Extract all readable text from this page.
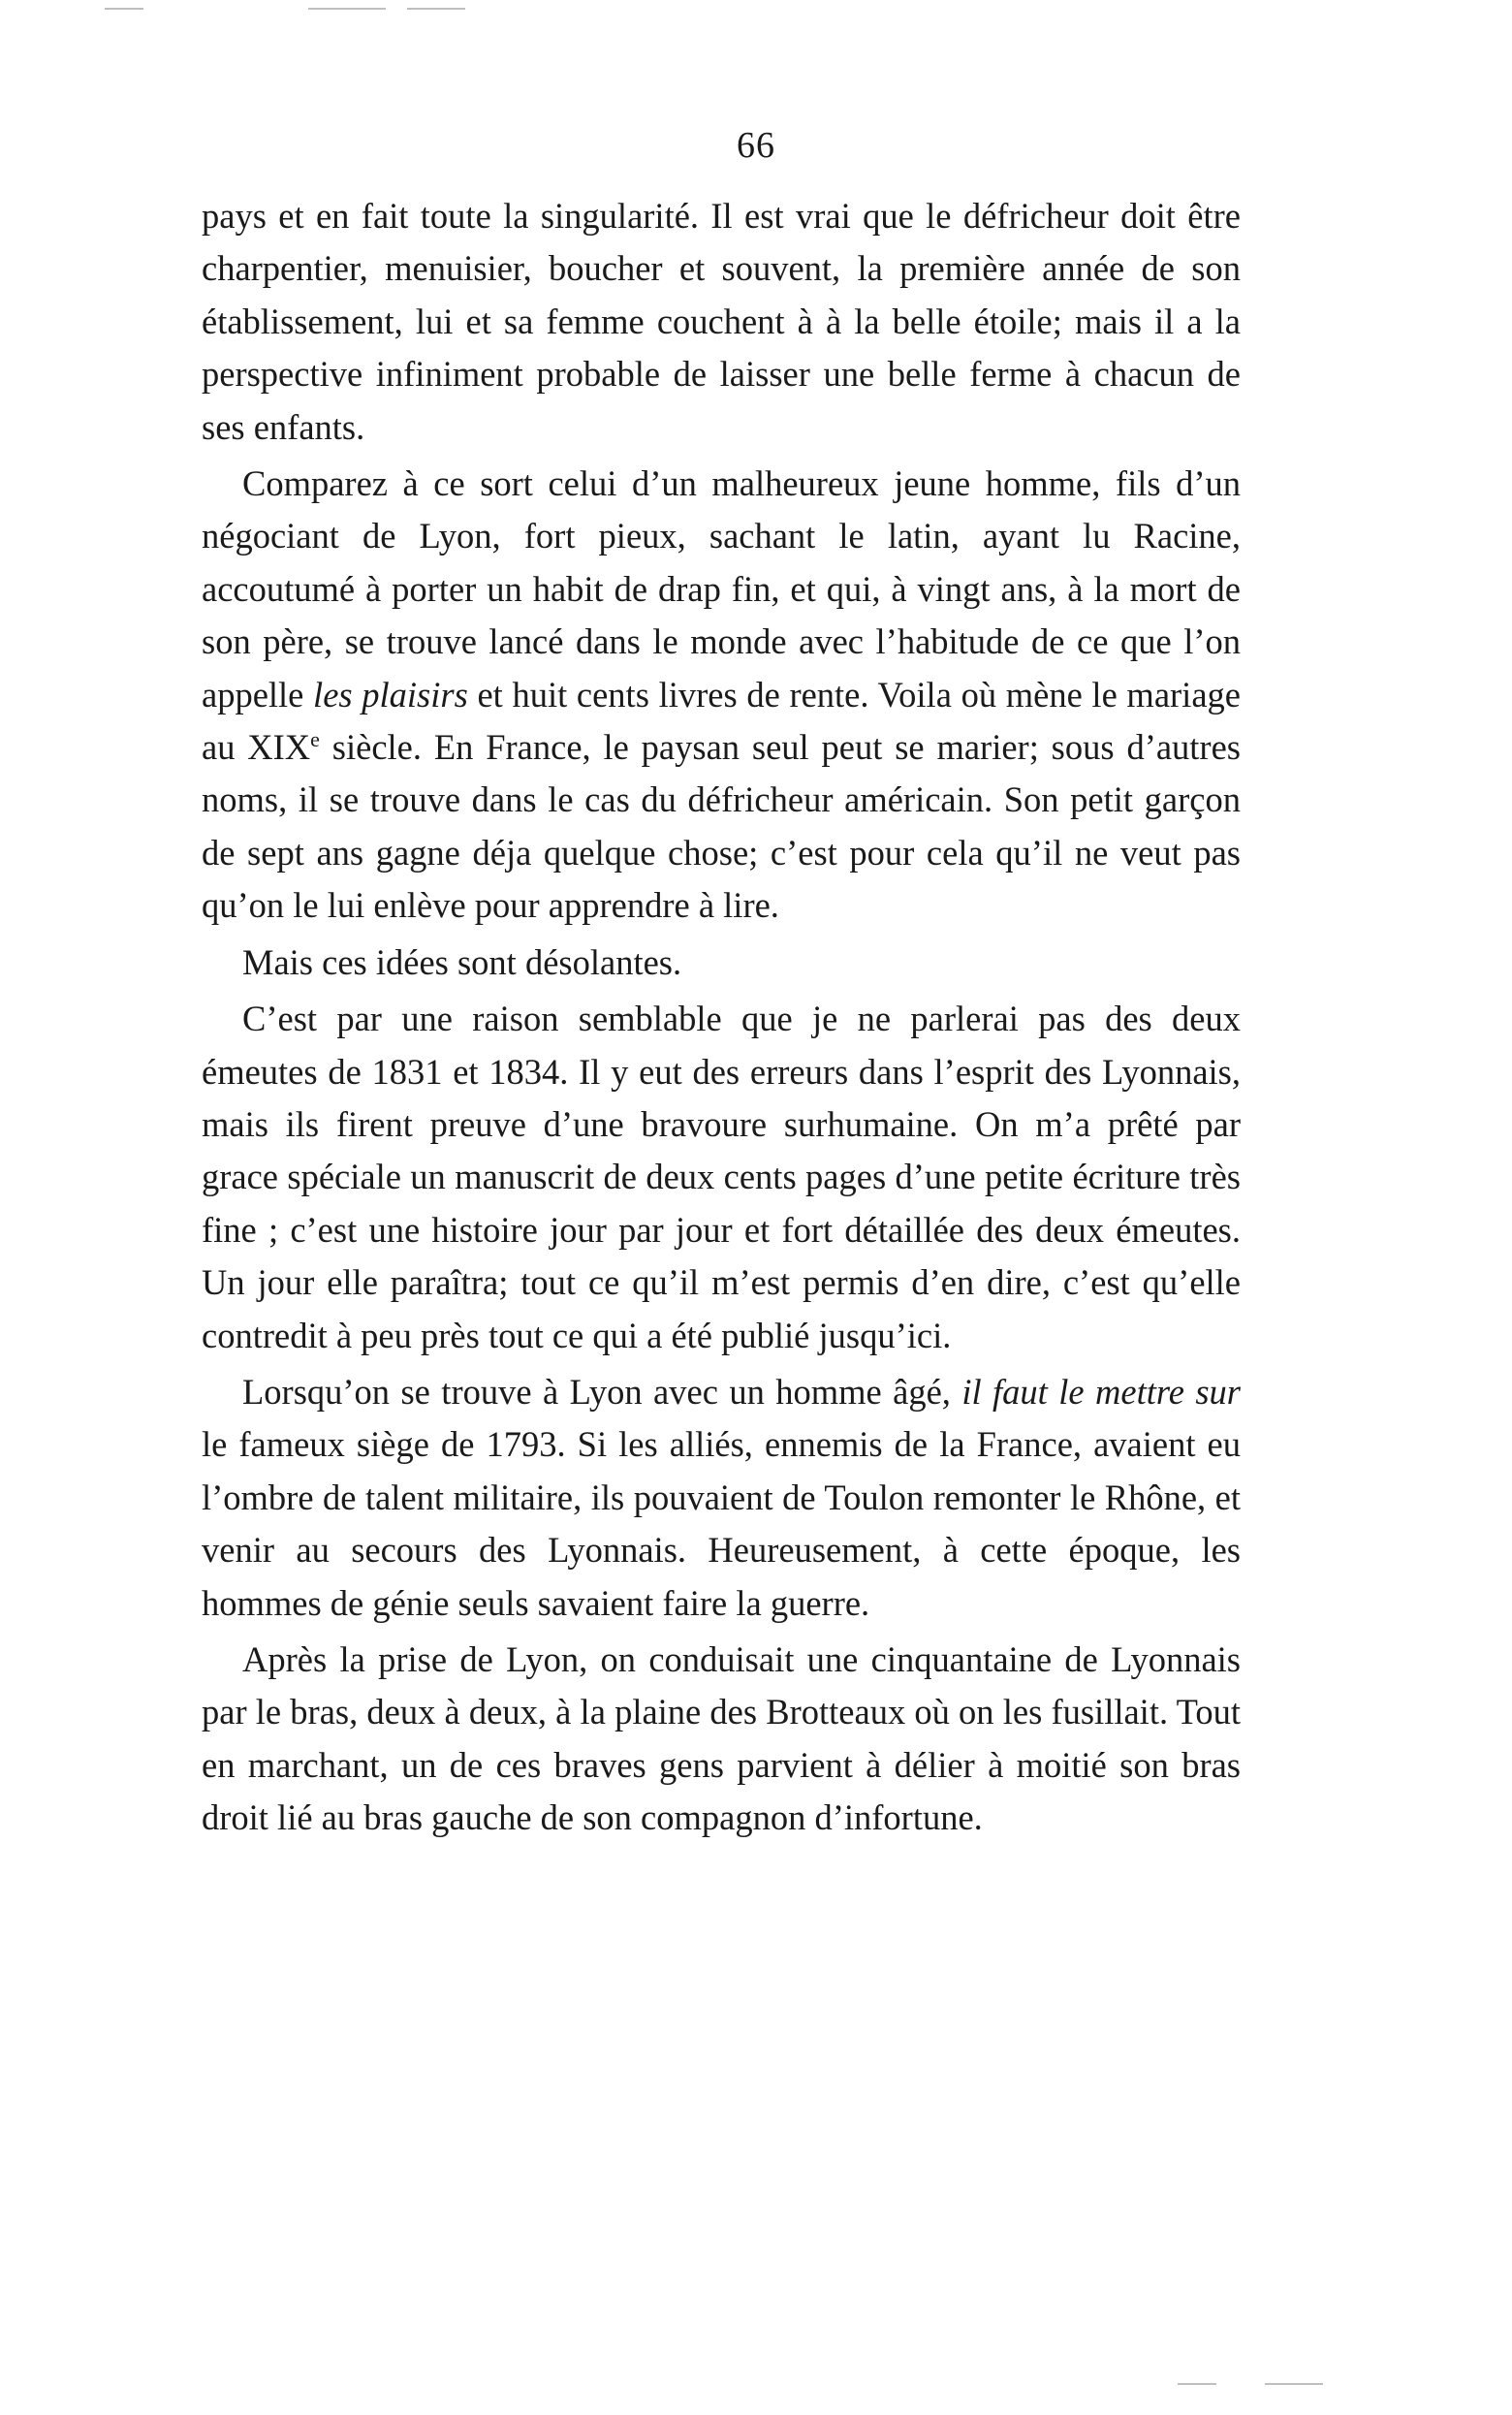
66

pays et en fait toute la singularité. Il est vrai que le défricheur doit être charpentier, menuisier, boucher et souvent, la première année de son établissement, lui et sa femme couchent à à la belle étoile; mais il a la perspective infiniment probable de laisser une belle ferme à chacun de ses enfants.

Comparez à ce sort celui d’un malheureux jeune homme, fils d’un négociant de Lyon, fort pieux, sachant le latin, ayant lu Racine, accoutumé à porter un habit de drap fin, et qui, à vingt ans, à la mort de son père, se trouve lancé dans le monde avec l’habitude de ce que l’on appelle les plaisirs et huit cents livres de rente. Voila où mène le mariage au XIXe siècle. En France, le paysan seul peut se marier; sous d’autres noms, il se trouve dans le cas du défricheur américain. Son petit garçon de sept ans gagne déja quelque chose; c’est pour cela qu’il ne veut pas qu’on le lui enlève pour apprendre à lire.

Mais ces idées sont désolantes.

C’est par une raison semblable que je ne parlerai pas des deux émeutes de 1831 et 1834. Il y eut des erreurs dans l’esprit des Lyonnais, mais ils firent preuve d’une bravoure surhumaine. On m’a prêté par grace spéciale un manuscrit de deux cents pages d’une petite écriture très fine ; c’est une histoire jour par jour et fort détaillée des deux émeutes. Un jour elle paraîtra; tout ce qu’il m’est permis d’en dire, c’est qu’elle contredit à peu près tout ce qui a été publié jusqu’ici.

Lorsqu’on se trouve à Lyon avec un homme âgé, il faut le mettre sur le fameux siège de 1793. Si les alliés, ennemis de la France, avaient eu l’ombre de talent militaire, ils pouvaient de Toulon remonter le Rhône, et venir au secours des Lyonnais. Heureusement, à cette époque, les hommes de génie seuls savaient faire la guerre.

Après la prise de Lyon, on conduisait une cinquantaine de Lyonnais par le bras, deux à deux, à la plaine des Brotteaux où on les fusillait. Tout en marchant, un de ces braves gens parvient à délier à moitié son bras droit lié au bras gauche de son compagnon d’infortune.
